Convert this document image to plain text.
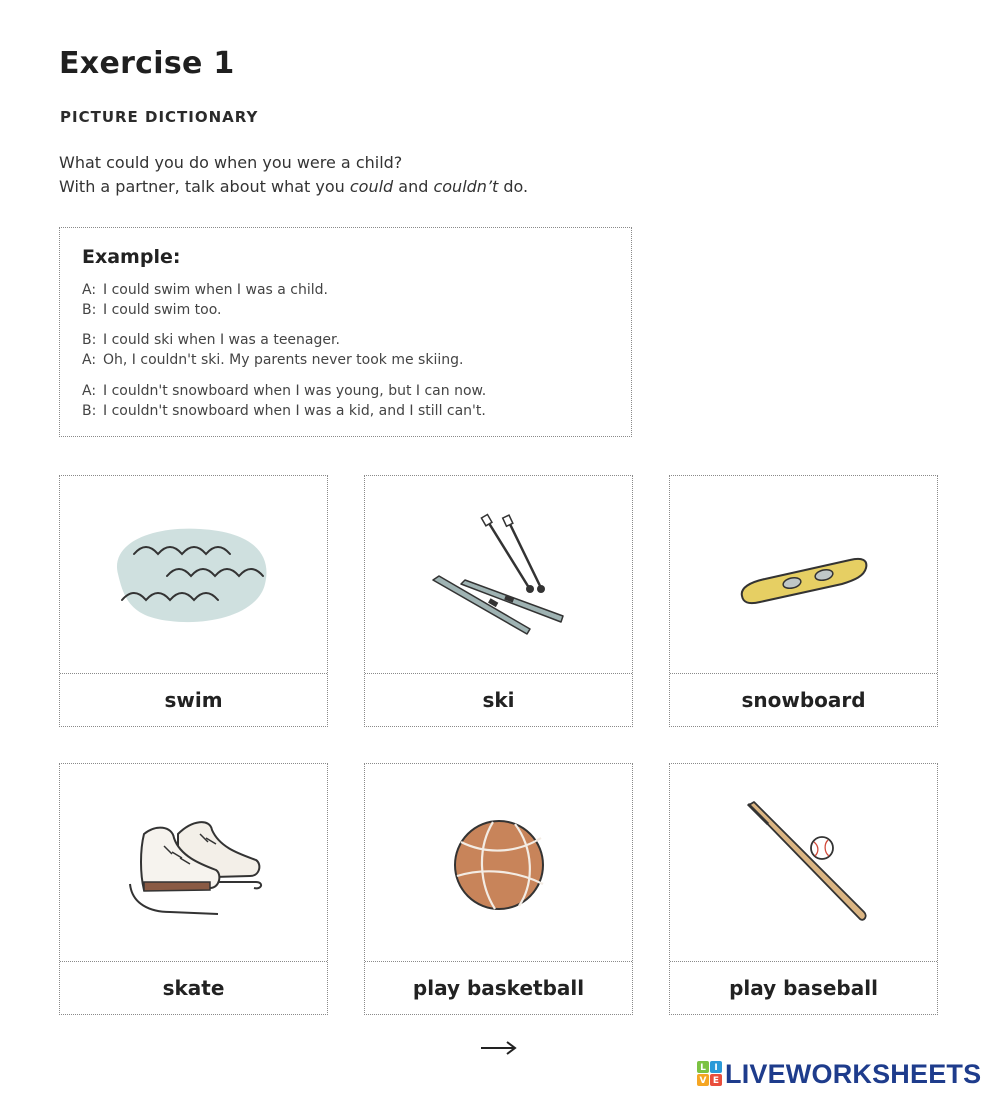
Exercise 1
PICTURE DICTIONARY
What could you do when you were a child?
With a partner, talk about what you could and couldn’t do.
Example:
A: I could swim when I was a child.
B: I could swim too.
B: I could ski when I was a teenager.
A: Oh, I couldn't ski. My parents never took me skiing.
A: I couldn't snowboard when I was young, but I can now.
B: I couldn't snowboard when I was a kid, and I still can't.
swim	ski	snowboard
skate	play basketball	play baseball
L I
V E LIVEWORKSHEETS
